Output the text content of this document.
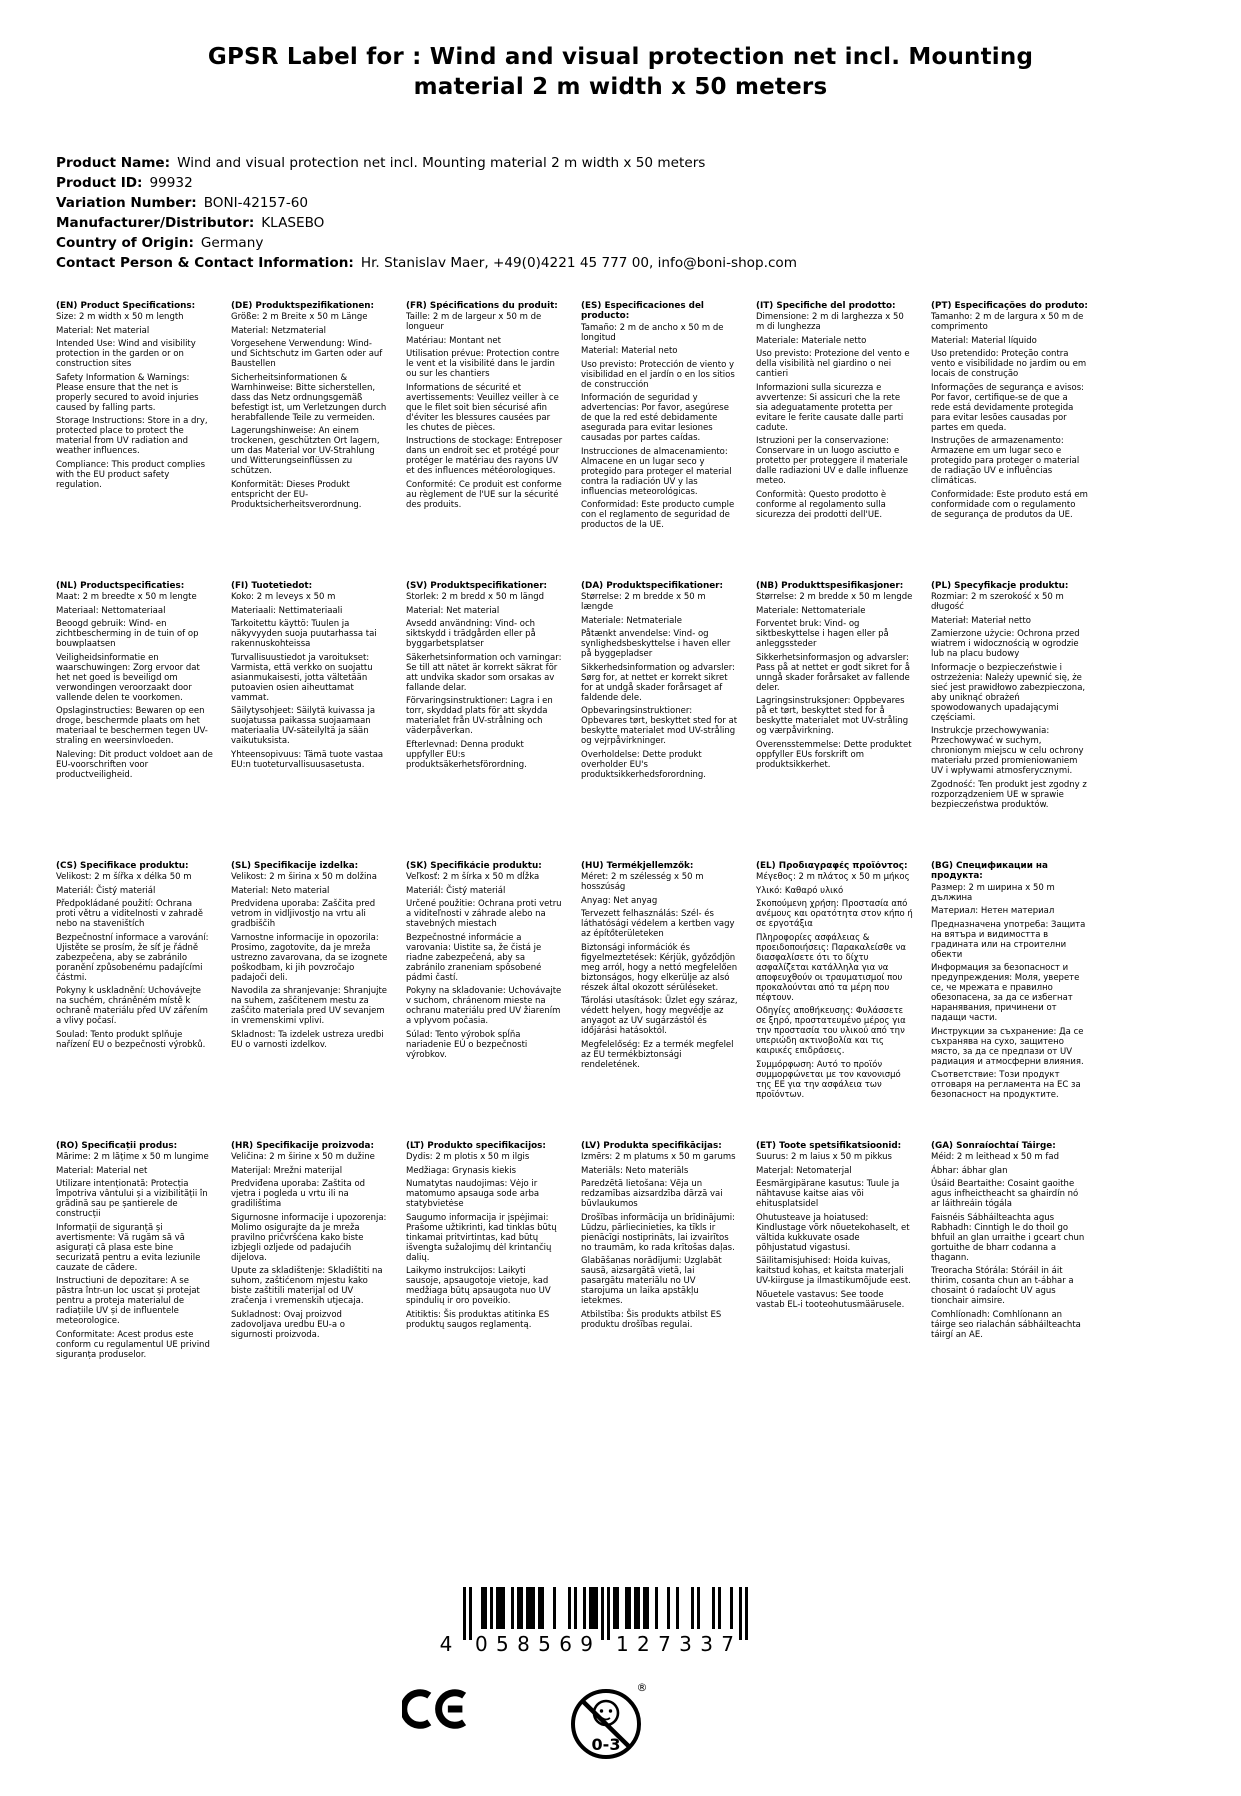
GPSR Label for : Wind and visual protection net incl. Mounting material 2 m width x 50 meters
Product Name: Wind and visual protection net incl. Mounting material 2 m width x 50 meters
Product ID: 99932
Variation Number: BONI-42157-60
Manufacturer/Distributor: KLASEBO
Country of Origin: Germany
Contact Person & Contact Information: Hr. Stanislav Maer, +49(0)4221 45 777 00, info@boni-shop.com
(EN) Product Specifications:

Size: 2 m width x 50 m length

Material: Net material

Intended Use: Wind and visibility protection in the garden or on construction sites

Safety Information & Warnings: Please ensure that the net is properly secured to avoid injuries caused by falling parts.

Storage Instructions: Store in a dry, protected place to protect the material from UV radiation and weather influences.

Compliance: This product complies with the EU product safety regulation.

(DE) Produktspezifikationen:

Größe: 2 m Breite x 50 m Länge

Material: Netzmaterial

Vorgesehene Verwendung: Wind- und Sichtschutz im Garten oder auf Baustellen

Sicherheitsinformationen & Warnhinweise: Bitte sicherstellen, dass das Netz ordnungsgemäß befestigt ist, um Verletzungen durch herabfallende Teile zu vermeiden.

Lagerungshinweise: An einem trockenen, geschützten Ort lagern, um das Material vor UV-Strahlung und Witterungseinflüssen zu schützen.

Konformität: Dieses Produkt entspricht der EU-Produktsicherheitsverordnung.

(FR) Spécifications du produit:

Taille: 2 m de largeur x 50 m de longueur

Matériau: Montant net

Utilisation prévue: Protection contre le vent et la visibilité dans le jardin ou sur les chantiers

Informations de sécurité et avertissements: Veuillez veiller à ce que le filet soit bien sécurisé afin d'éviter les blessures causées par les chutes de pièces.

Instructions de stockage: Entreposer dans un endroit sec et protégé pour protéger le matériau des rayons UV et des influences météorologiques.

Conformité: Ce produit est conforme au règlement de l'UE sur la sécurité des produits.

(ES) Especificaciones del producto:

Tamaño: 2 m de ancho x 50 m de longitud

Material: Material neto

Uso previsto: Protección de viento y visibilidad en el jardín o en los sitios de construcción

Información de seguridad y advertencias: Por favor, asegúrese de que la red esté debidamente asegurada para evitar lesiones causadas por partes caídas.

Instrucciones de almacenamiento: Almacene en un lugar seco y protegido para proteger el material contra la radiación UV y las influencias meteorológicas.

Conformidad: Este producto cumple con el reglamento de seguridad de productos de la UE.

(IT) Specifiche del prodotto:

Dimensione: 2 m di larghezza x 50 m di lunghezza

Materiale: Materiale netto

Uso previsto: Protezione del vento e della visibilità nel giardino o nei cantieri

Informazioni sulla sicurezza e avvertenze: Si assicuri che la rete sia adeguatamente protetta per evitare le ferite causate dalle parti cadute.

Istruzioni per la conservazione: Conservare in un luogo asciutto e protetto per proteggere il materiale dalle radiazioni UV e dalle influenze meteo.

Conformità: Questo prodotto è conforme al regolamento sulla sicurezza dei prodotti dell'UE.

(PT) Especificações do produto:

Tamanho: 2 m de largura x 50 m de comprimento

Material: Material líquido

Uso pretendido: Proteção contra vento e visibilidade no jardim ou em locais de construção

Informações de segurança e avisos: Por favor, certifique-se de que a rede está devidamente protegida para evitar lesões causadas por partes em queda.

Instruções de armazenamento: Armazene em um lugar seco e protegido para proteger o material de radiação UV e influências climáticas.

Conformidade: Este produto está em conformidade com o regulamento de segurança de produtos da UE.

(NL) Productspecificaties:

Maat: 2 m breedte x 50 m lengte

Materiaal: Nettomateriaal

Beoogd gebruik: Wind- en zichtbescherming in de tuin of op bouwplaatsen

Veiligheidsinformatie en waarschuwingen: Zorg ervoor dat het net goed is beveiligd om verwondingen veroorzaakt door vallende delen te voorkomen.

Opslaginstructies: Bewaren op een droge, beschermde plaats om het materiaal te beschermen tegen UV-straling en weersinvloeden.

Naleving: Dit product voldoet aan de EU-voorschriften voor productveiligheid.

(FI) Tuotetiedot:

Koko: 2 m leveys x 50 m

Materiaali: Nettimateriaali

Tarkoitettu käyttö: Tuulen ja näkyvyyden suoja puutarhassa tai rakennuskohteissa

Turvallisuustiedot ja varoitukset: Varmista, että verkko on suojattu asianmukaisesti, jotta vältetään putoavien osien aiheuttamat vammat.

Säilytysohjeet: Säilytä kuivassa ja suojatussa paikassa suojaamaan materiaalia UV-säteilyltä ja sään vaikutuksista.

Yhteensopivuus: Tämä tuote vastaa EU:n tuoteturvallisuusasetusta.

(SV) Produktspecifikationer:

Storlek: 2 m bredd x 50 m längd

Material: Net material

Avsedd användning: Vind- och siktskydd i trädgården eller på byggarbetsplatser

Säkerhetsinformation och varningar: Se till att nätet är korrekt säkrat för att undvika skador som orsakas av fallande delar.

Förvaringsinstruktioner: Lagra i en torr, skyddad plats för att skydda materialet från UV-strålning och väderpåverkan.

Efterlevnad: Denna produkt uppfyller EU:s produktsäkerhetsförordning.

(DA) Produktspecifikationer:

Størrelse: 2 m bredde x 50 m længde

Materiale: Netmateriale

Påtænkt anvendelse: Vind- og synlighedsbeskyttelse i haven eller på byggepladser

Sikkerhedsinformation og advarsler: Sørg for, at nettet er korrekt sikret for at undgå skader forårsaget af faldende dele.

Opbevaringsinstruktioner: Opbevares tørt, beskyttet sted for at beskytte materialet mod UV-stråling og vejrpåvirkninger.

Overholdelse: Dette produkt overholder EU's produktsikkerhedsforordning.

(NB) Produkttspesifikasjoner:

Størrelse: 2 m bredde x 50 m lengde

Materiale: Nettomateriale

Forventet bruk: Vind- og siktbeskyttelse i hagen eller på anleggssteder

Sikkerhetsinformasjon og advarsler: Pass på at nettet er godt sikret for å unngå skader forårsaket av fallende deler.

Lagringsinstruksjoner: Oppbevares på et tørt, beskyttet sted for å beskytte materialet mot UV-stråling og værpåvirkning.

Overensstemmelse: Dette produktet oppfyller EUs forskrift om produktsikkerhet.

(PL) Specyfikacje produktu:

Rozmiar: 2 m szerokość x 50 m długość

Materiał: Materiał netto

Zamierzone użycie: Ochrona przed wiatrem i widocznością w ogrodzie lub na placu budowy

Informacje o bezpieczeństwie i ostrzeżenia: Należy upewnić się, że sieć jest prawidłowo zabezpieczona, aby uniknąć obrażeń spowodowanych upadającymi częściami.

Instrukcje przechowywania: Przechowywać w suchym, chronionym miejscu w celu ochrony materiału przed promieniowaniem UV i wpływami atmosferycznymi.

Zgodność: Ten produkt jest zgodny z rozporządzeniem UE w sprawie bezpieczeństwa produktów.

(CS) Specifikace produktu:

Velikost: 2 m šířka x délka 50 m

Materiál: Čistý materiál

Předpokládané použití: Ochrana proti větru a viditelnosti v zahradě nebo na staveništích

Bezpečnostní informace a varování: Ujistěte se prosím, že síť je řádně zabezpečena, aby se zabránilo poranění způsobenému padajícími částmi.

Pokyny k uskladnění: Uchovávejte na suchém, chráněném místě k ochraně materiálu před UV zářením a vlivy počasí.

Soulad: Tento produkt splňuje nařízení EU o bezpečnosti výrobků.

(SL) Specifikacije izdelka:

Velikost: 2 m širina x 50 m dolžina

Material: Neto material

Predvidena uporaba: Zaščita pred vetrom in vidljivostjo na vrtu ali gradbiščih

Varnostne informacije in opozorila: Prosimo, zagotovite, da je mreža ustrezno zavarovana, da se izognete poškodbam, ki jih povzročajo padajoči deli.

Navodila za shranjevanje: Shranjujte na suhem, zaščitenem mestu za zaščito materiala pred UV sevanjem in vremenskimi vplivi.

Skladnost: Ta izdelek ustreza uredbi EU o varnosti izdelkov.

(SK) Špecifikácie produktu:

Veľkosť: 2 m šírka x 50 m dĺžka

Materiál: Čistý materiál

Určené použitie: Ochrana proti vetru a viditeľnosti v záhrade alebo na stavebných miestach

Bezpečnostné informácie a varovania: Uistite sa, že čistá je riadne zabezpečená, aby sa zabránilo zraneniam spôsobené pádmi častí.

Pokyny na skladovanie: Uchovávajte v suchom, chránenom mieste na ochranu materiálu pred UV žiarením a vplyvom počasia.

Súlad: Tento výrobok spĺňa nariadenie EÚ o bezpečnosti výrobkov.

(HU) Termékjellemzők:

Méret: 2 m szélesség x 50 m hosszúság

Anyag: Net anyag

Tervezett felhasználás: Szél- és láthatósági védelem a kertben vagy az építőterületeken

Biztonsági információk és figyelmeztetések: Kérjük, győződjön meg arról, hogy a nettó megfelelően biztonságos, hogy elkerülje az alsó részek által okozott sérüléseket.

Tárolási utasítások: Üzlet egy száraz, védett helyen, hogy megvédje az anyagot az UV sugárzástól és időjárási hatásoktól.

Megfelelőség: Ez a termék megfelel az EU termékbiztonsági rendeletének.

(EL) Προδιαγραφές προϊόντος:

Μέγεθος: 2 m πλάτος x 50 m μήκος

Υλικό: Καθαρό υλικό

Σκοπούμενη χρήση: Προστασία από ανέμους και ορατότητα στον κήπο ή σε εργοτάξια

Πληροφορίες ασφάλειας & προειδοποιήσεις: Παρακαλείσθε να διασφαλίσετε ότι το δίχτυ ασφαλίζεται κατάλληλα για να αποφευχθούν οι τραυματισμοί που προκαλούνται από τα μέρη που πέφτουν.

Οδηγίες αποθήκευσης: Φυλάσσετε σε ξηρό, προστατευμένο μέρος για την προστασία του υλικού από την υπεριώδη ακτινοβολία και τις καιρικές επιδράσεις.

Συμμόρφωση: Αυτό το προϊόν συμμορφώνεται με τον κανονισμό της ΕΕ για την ασφάλεια των προϊόντων.

(BG) Спецификации на продукта:

Размер: 2 m ширина x 50 m дължина

Материал: Нетен материал

Предназначена употреба: Защита на вятъра и видимостта в градината или на строителни обекти

Информация за безопасност и предупреждения: Моля, уверете се, че мрежата е правилно обезопасена, за да се избегнат наранявания, причинени от падащи части.

Инструкции за съхранение: Да се съхранява на сухо, защитено място, за да се предпази от UV радиация и атмосферни влияния.

Съответствие: Този продукт отговаря на регламента на ЕС за безопасност на продуктите.

(RO) Specificații produs:

Mărime: 2 m lățime x 50 m lungime

Material: Material net

Utilizare intenționată: Protecția împotriva vântului și a vizibilității în grădină sau pe șantierele de construcții

Informații de siguranță și avertismente: Vă rugăm să vă asigurați că plasa este bine securizată pentru a evita leziunile cauzate de cădere.

Instructiuni de depozitare: A se păstra într-un loc uscat și protejat pentru a proteja materialul de radiațiile UV și de influentele meteorologice.

Conformitate: Acest produs este conform cu regulamentul UE privind siguranța produselor.

(HR) Specifikacije proizvoda:

Veličina: 2 m širine x 50 m dužine

Materijal: Mrežni materijal

Predviđena uporaba: Zaštita od vjetra i pogleda u vrtu ili na gradilištima

Sigurnosne informacije i upozorenja: Molimo osigurajte da je mreža pravilno pričvršćena kako biste izbjegli ozljede od padajućih dijelova.

Upute za skladištenje: Skladištiti na suhom, zaštićenom mjestu kako biste zaštitili materijal od UV zračenja i vremenskih utjecaja.

Sukladnost: Ovaj proizvod zadovoljava uredbu EU-a o sigurnosti proizvoda.

(LT) Produkto specifikacijos:

Dydis: 2 m plotis x 50 m ilgis

Medžiaga: Grynasis kiekis

Numatytas naudojimas: Vėjo ir matomumo apsauga sode arba statybvietėse

Saugumo informacija ir įspėjimai: Prašome užtikrinti, kad tinklas būtų tinkamai pritvirtintas, kad būtų išvengta sužalojimų dėl krintančių dalių.

Laikymo instrukcijos: Laikyti sausoje, apsaugotoje vietoje, kad medžiaga būtų apsaugota nuo UV spindulių ir oro poveikio.

Atitiktis: Šis produktas atitinka ES produktų saugos reglamentą.

(LV) Produkta specifikācijas:

Izmērs: 2 m platums x 50 m garums

Materiāls: Neto materiāls

Paredzētā lietošana: Vēja un redzamības aizsardzība dārzā vai būvlaukumos

Drošības informācija un brīdinājumi: Lūdzu, pārliecinieties, ka tīkls ir pienācīgi nostiprināts, lai izvairītos no traumām, ko rada krītošas daļas.

Glabāšanas norādījumi: Uzglabāt sausā, aizsargātā vietā, lai pasargātu materiālu no UV starojuma un laika apstākļu ietekmes.

Atbilstība: Šis produkts atbilst ES produktu drošības regulai.

(ET) Toote spetsifikatsioonid:

Suurus: 2 m laius x 50 m pikkus

Materjal: Netomaterjal

Eesmärgipärane kasutus: Tuule ja nähtavuse kaitse aias või ehitusplatsidel

Ohutusteave ja hoiatused: Kindlustage võrk nõuetekohaselt, et vältida kukkuvate osade põhjustatud vigastusi.

Säilitamisjuhised: Hoida kuivas, kaitstud kohas, et kaitsta materjali UV-kiirguse ja ilmastikumõjude eest.

Nõuetele vastavus: See toode vastab EL-i tooteohutusmäärusele.

(GA) Sonraíochtaí Táirge:

Méid: 2 m leithead x 50 m fad

Ábhar: ábhar glan

Úsáid Beartaithe: Cosaint gaoithe agus infheictheacht sa ghairdín nó ar láithreáin tógála

Faisnéis Sábháilteachta agus Rabhadh: Cinntigh le do thoil go bhfuil an glan urraithe i gceart chun gortuithe de bharr codanna a thagann.

Treoracha Stórála: Stóráil in áit thirim, cosanta chun an t-ábhar a chosaint ó radaíocht UV agus tionchair aimsire.

Comhlíonadh: Comhlíonann an táirge seo rialachán sábháilteachta táirgí an AE.

4 058569 127337
0-3
®
